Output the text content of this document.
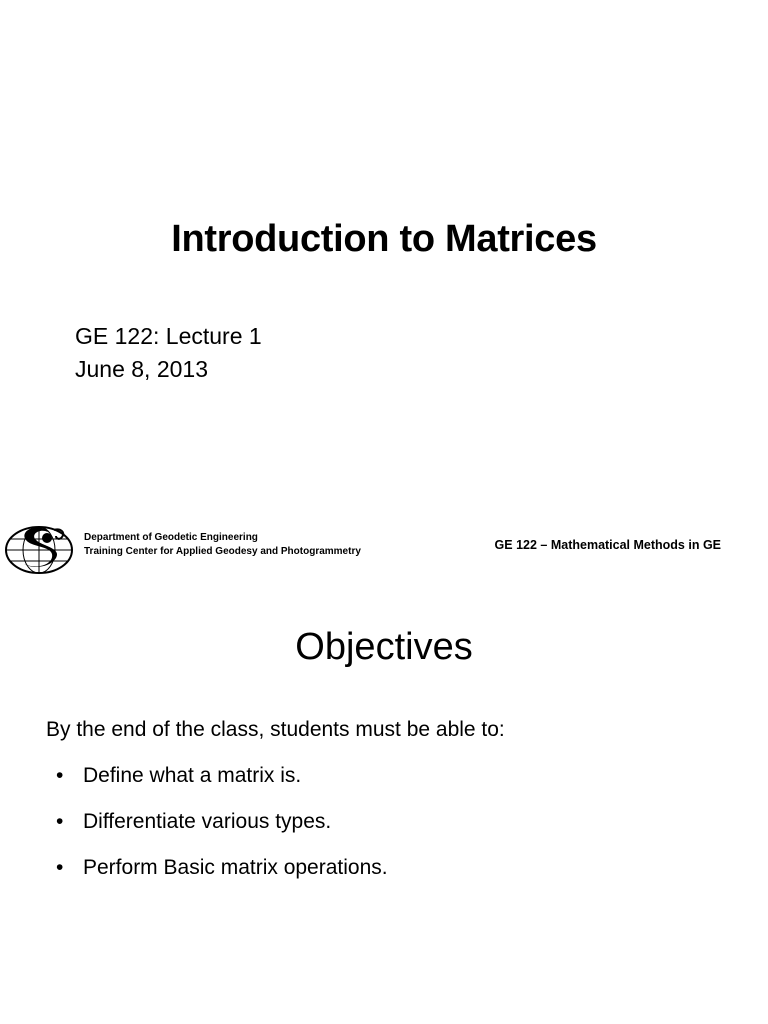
Introduction to Matrices
GE 122: Lecture 1
June 8, 2013
Department of Geodetic Engineering
Training Center for Applied Geodesy and Photogrammetry	GE 122 – Mathematical Methods in GE
Objectives
By the end of the class, students must be able to:
• Define what a matrix is.
• Differentiate various types.
• Perform Basic matrix operations.
